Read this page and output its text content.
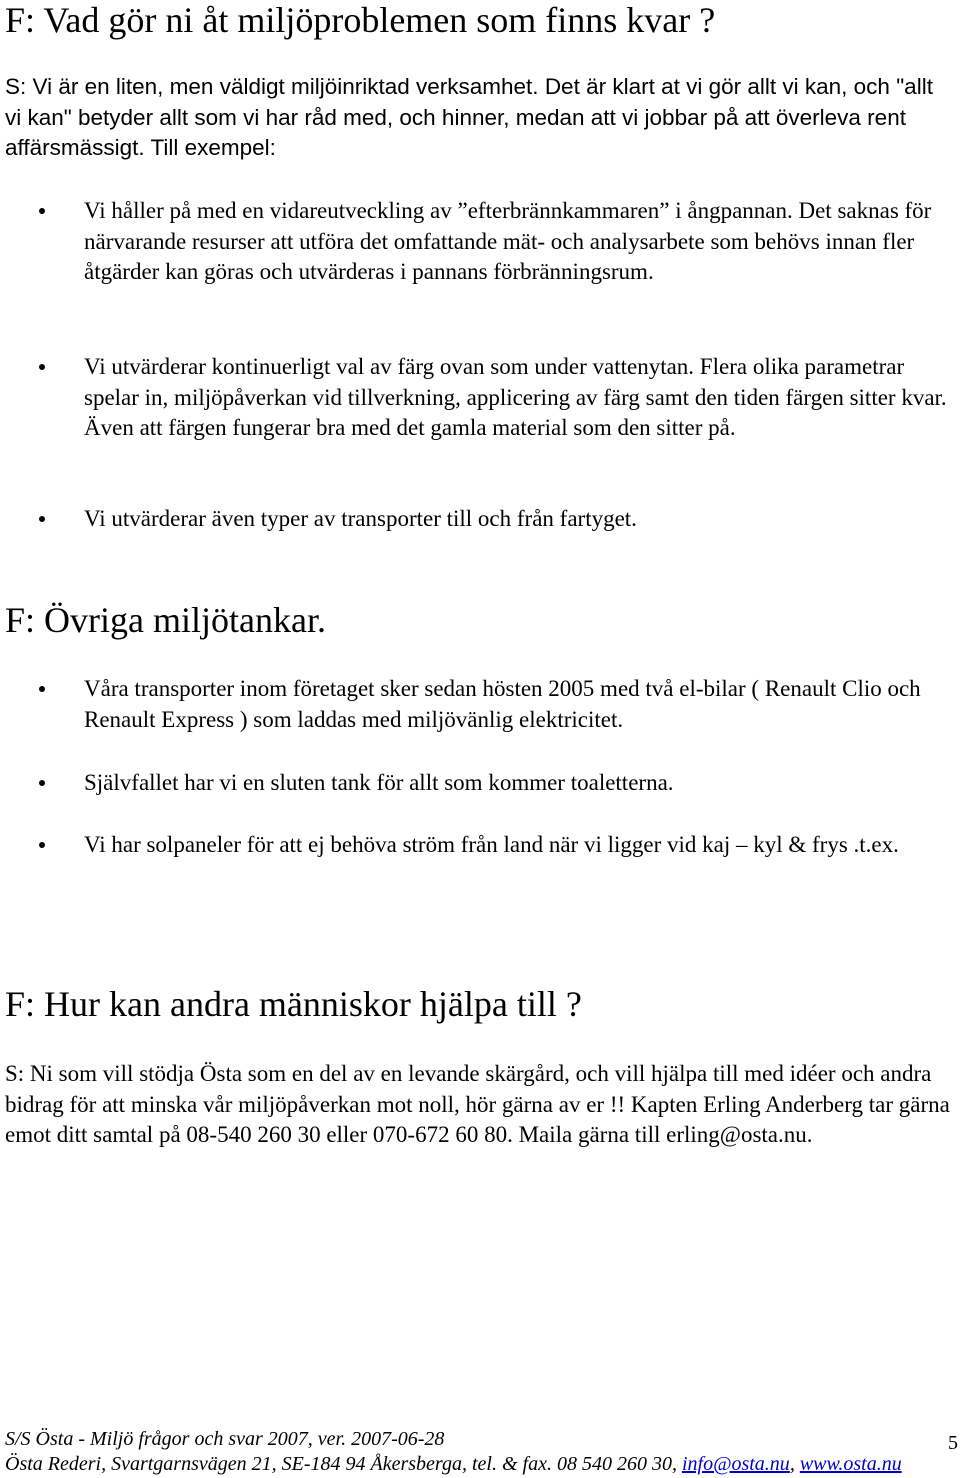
F: Vad gör ni åt miljöproblemen som finns kvar ?

S: Vi är en liten, men väldigt miljöinriktad verksamhet. Det är klart at vi gör allt vi kan, och "allt vi kan" betyder allt som vi har råd med, och hinner, medan att vi jobbar på att överleva rent affärsmässigt. Till exempel:

Vi håller på med en vidareutveckling av ”efterbrännkammaren” i ångpannan. Det saknas för närvarande resurser att utföra det omfattande mät- och analysarbete som behövs innan fler åtgärder kan göras och utvärderas i pannans förbränningsrum.

Vi utvärderar kontinuerligt val av färg ovan som under vattenytan. Flera olika parametrar spelar in, miljöpåverkan vid tillverkning, applicering av färg samt den tiden färgen sitter kvar. Även att färgen fungerar bra med det gamla material som den sitter på.

Vi utvärderar även typer av transporter till och från fartyget.

F: Övriga miljötankar.

Våra transporter inom företaget sker sedan hösten 2005 med två el-bilar ( Renault Clio och Renault Express ) som laddas med miljövänlig elektricitet.

Självfallet har vi en sluten tank för allt som kommer toaletterna.

Vi har solpaneler för att ej behöva ström från land när vi ligger vid kaj – kyl & frys .t.ex.

F: Hur kan andra människor hjälpa till ?

S: Ni som vill stödja Östa som en del av en levande skärgård, och vill hjälpa till med idéer och andra bidrag för att minska vår miljöpåverkan mot noll, hör gärna av er !! Kapten Erling Anderberg tar gärna emot ditt samtal på 08-540 260 30 eller 070-672 60 80. Maila gärna till erling@osta.nu.

S/S Östa - Miljö frågor och svar 2007, ver. 2007-06-28
Östa Rederi, Svartgarnsvägen 21, SE-184 94 Åkersberga, tel. & fax. 08 540 260 30, info@osta.nu, www.osta.nu
5
